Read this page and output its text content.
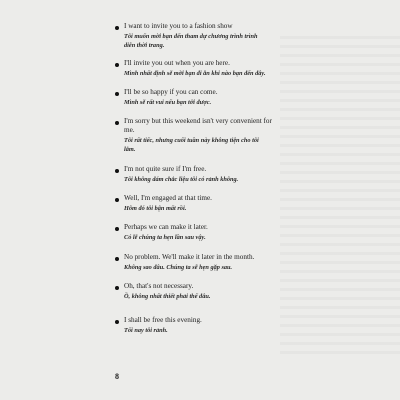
I want to invite you to a fashion show
Tôi muốn mời bạn đến tham dự chương trình trình
diễn thời trang.
I'll invite you out when you are here.
Mình nhất định sẽ mời bạn đi ăn khi nào bạn đến đây.
I'll be so happy if you can come.
Mình sẽ rất vui nếu bạn tới được.
I'm sorry but this weekend isn't very convenient for
me.
Tôi rất tiếc, nhưng cuối tuần này không tiện cho tôi
lắm.
I'm not quite sure if I'm free.
Tôi không dám chắc liệu tôi có rảnh không.
Well, I'm engaged at that time.
Hôm đó tôi bận mất rồi.
Perhaps we can make it later.
Có lẽ chúng ta hẹn lần sau vậy.
No problem. We'll make it later in the month.
Không sao đâu. Chúng ta sẽ hẹn gặp sau.
Oh, that's not necessary.
Ồ, không nhất thiết phải thế đâu.
I shall be free this evening.
Tối nay tôi rảnh.
8
